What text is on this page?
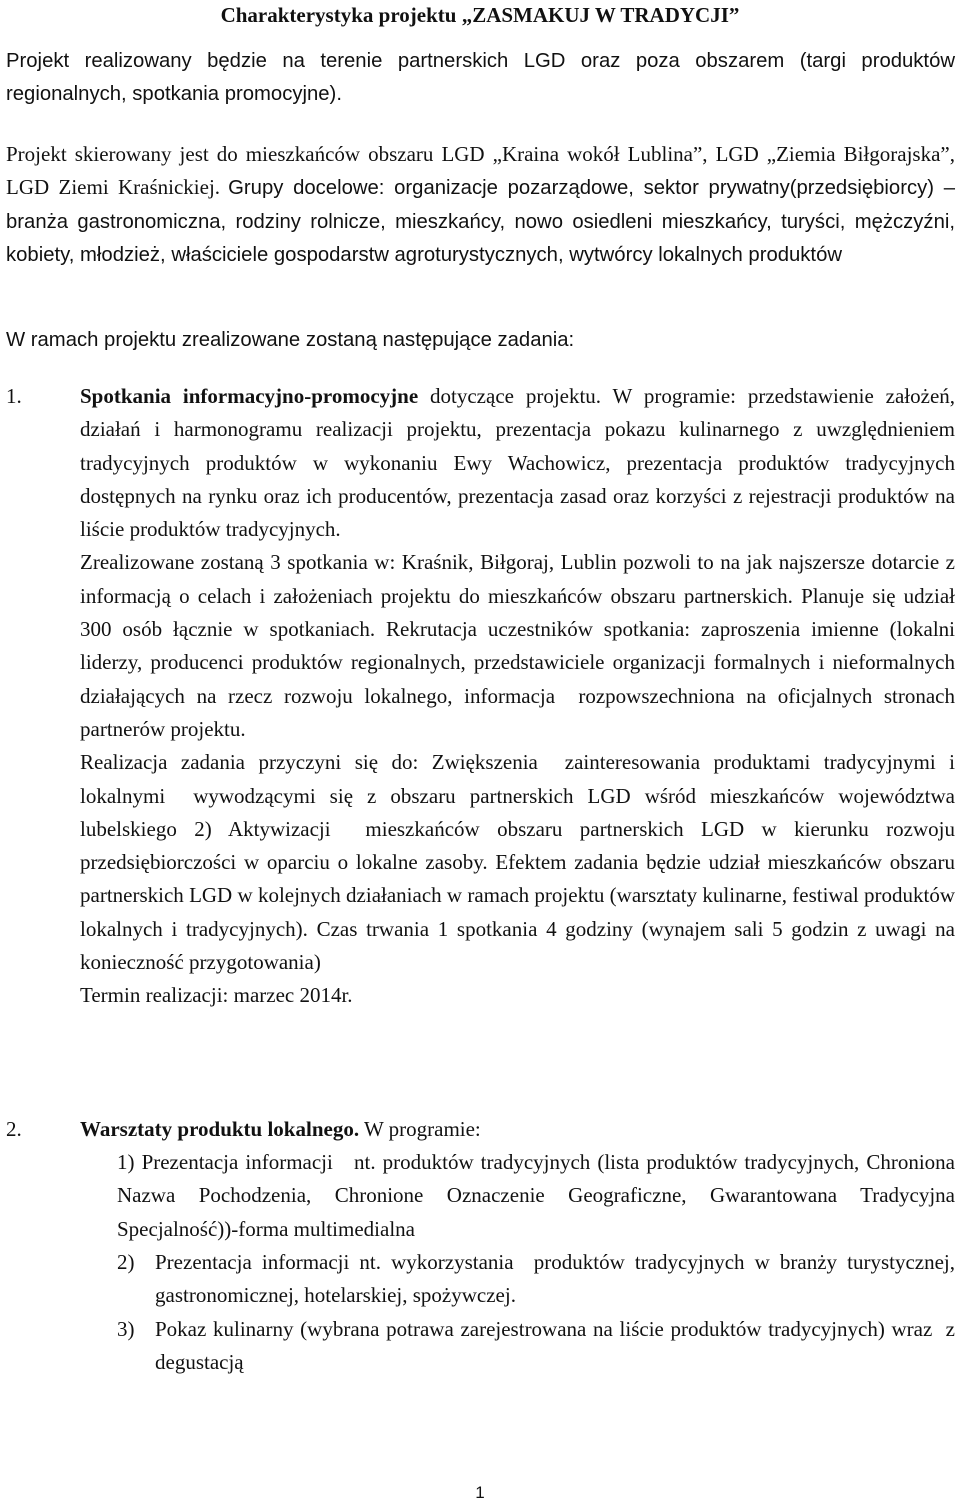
Charakterystyka projektu „ZASMAKUJ W TRADYCJI”

Projekt realizowany będzie na terenie partnerskich LGD oraz poza obszarem (targi produktów regionalnych, spotkania promocyjne).

Projekt skierowany jest do mieszkańców obszaru LGD „Kraina wokół Lublina”, LGD „Ziemia Biłgorajska”, LGD Ziemi Kraśnickiej. Grupy docelowe: organizacje pozarządowe, sektor prywatny(przedsiębiorcy) – branża gastronomiczna, rodziny rolnicze, mieszkańcy, nowo osiedleni mieszkańcy, turyści, mężczyźni, kobiety, młodzież, właściciele gospodarstw agroturystycznych, wytwórcy lokalnych produktów

W ramach projektu zrealizowane zostaną następujące zadania:

1.	Spotkania informacyjno-promocyjne dotyczące projektu. W programie: przedstawienie założeń, działań i harmonogramu realizacji projektu, prezentacja pokazu kulinarnego z uwzględnieniem tradycyjnych produktów w wykonaniu Ewy Wachowicz, prezentacja produktów tradycyjnych dostępnych na rynku oraz ich producentów, prezentacja zasad oraz korzyści z rejestracji produktów na liście produktów tradycyjnych.
Zrealizowane zostaną 3 spotkania w: Kraśnik, Biłgoraj, Lublin pozwoli to na jak najszersze dotarcie z informacją o celach i założeniach projektu do mieszkańców obszaru partnerskich. Planuje się udział 300 osób łącznie w spotkaniach. Rekrutacja uczestników spotkania: zaproszenia imienne (lokalni liderzy, producenci produktów regionalnych, przedstawiciele organizacji formalnych i nieformalnych działających na rzecz rozwoju lokalnego, informacja  rozpowszechniona na oficjalnych stronach partnerów projektu.
Realizacja zadania przyczyni się do: Zwiększenia  zainteresowania produktami tradycyjnymi i lokalnymi  wywodzącymi się z obszaru partnerskich LGD wśród mieszkańców województwa lubelskiego 2) Aktywizacji  mieszkańców obszaru partnerskich LGD w kierunku rozwoju przedsiębiorczości w oparciu o lokalne zasoby. Efektem zadania będzie udział mieszkańców obszaru partnerskich LGD w kolejnych działaniach w ramach projektu (warsztaty kulinarne, festiwal produktów lokalnych i tradycyjnych). Czas trwania 1 spotkania 4 godziny (wynajem sali 5 godzin z uwagi na konieczność przygotowania)
Termin realizacji: marzec 2014r.
2.	Warsztaty produktu lokalnego. W programie:
1) Prezentacja informacji   nt. produktów tradycyjnych (lista produktów tradycyjnych, Chroniona Nazwa Pochodzenia, Chronione Oznaczenie Geograficzne, Gwarantowana Tradycyjna Specjalność))-forma multimedialna
2) Prezentacja informacji nt. wykorzystania  produktów tradycyjnych w branży turystycznej, gastronomicznej, hotelarskiej, spożywczej.
3) Pokaz kulinarny (wybrana potrawa zarejestrowana na liście produktów tradycyjnych) wraz  z degustacją
1
